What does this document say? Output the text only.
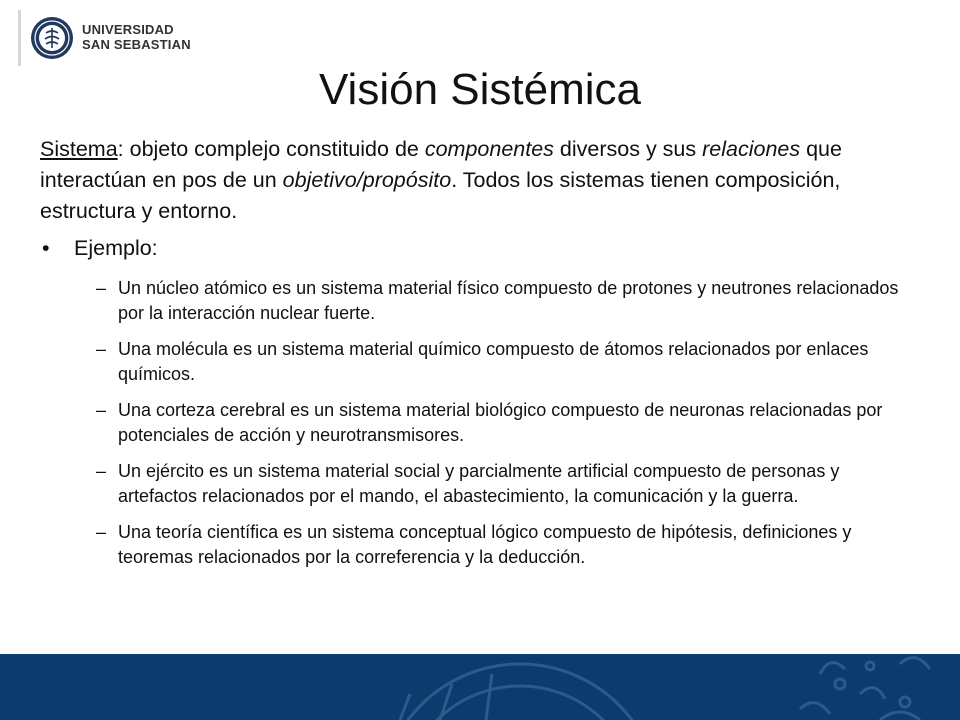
UNIVERSIDAD
SAN SEBASTIAN
Visión Sistémica

Sistema: objeto complejo constituido de componentes diversos y sus relaciones que interactúan en pos de un objetivo/propósito. Todos los sistemas tienen composición, estructura y entorno.

• Ejemplo:
– Un núcleo atómico es un sistema material físico compuesto de protones y neutrones relacionados por la interacción nuclear fuerte.
– Una molécula es un sistema material químico compuesto de átomos relacionados por enlaces químicos.
– Una corteza cerebral es un sistema material biológico compuesto de neuronas relacionadas por potenciales de acción y neurotransmisores.
– Un ejército es un sistema material social y parcialmente artificial compuesto de personas y artefactos relacionados por el mando, el abastecimiento, la comunicación y la guerra.
– Una teoría científica es un sistema conceptual lógico compuesto de hipótesis, definiciones y teoremas relacionados por la correferencia y la deducción.
